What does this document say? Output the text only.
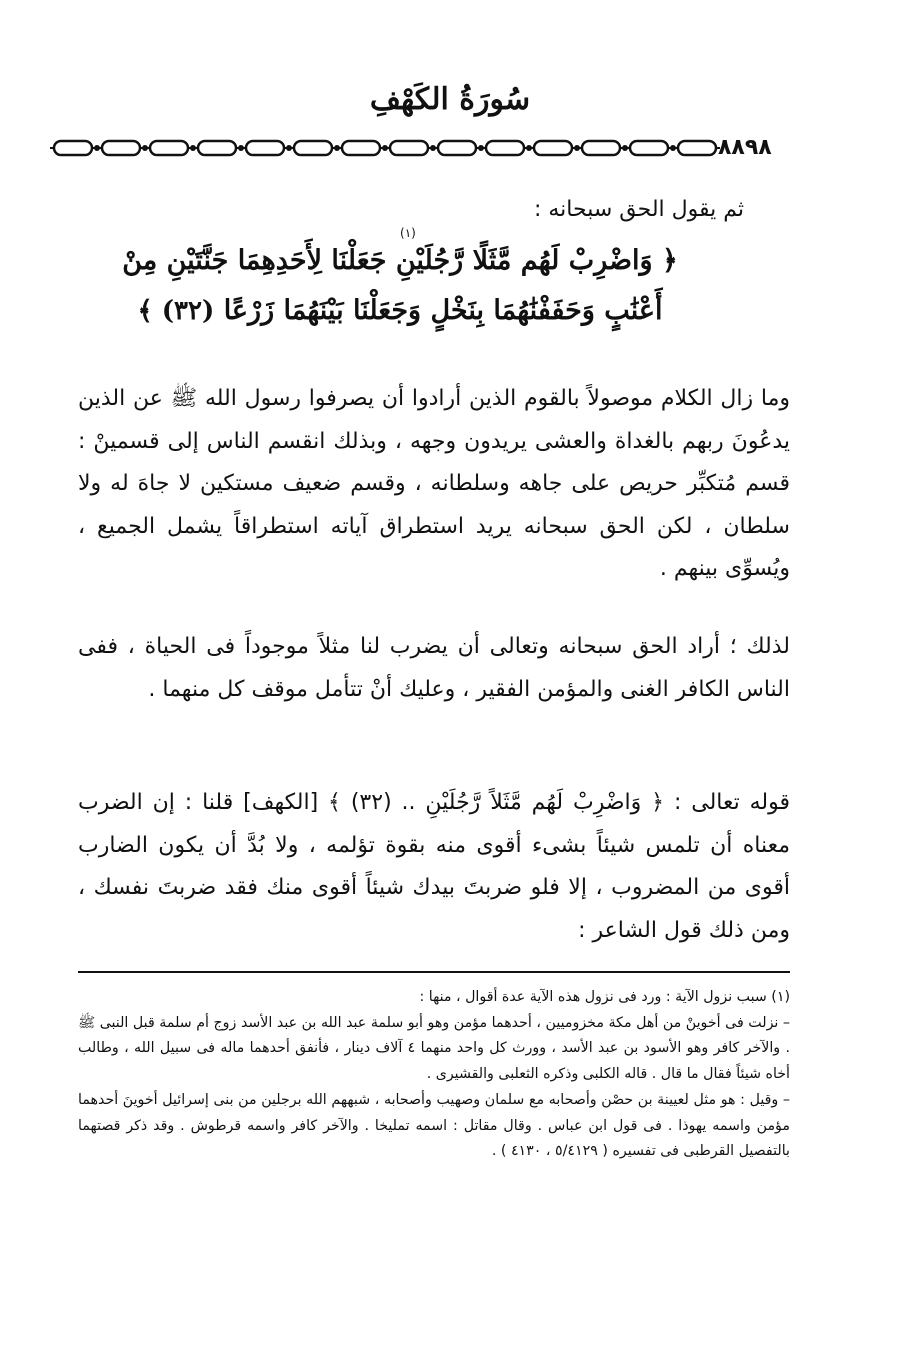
سُورَةُ الكَهْفِ
٨٨٩٨
ثم يقول الحق سبحانه :
(١)
﴿ وَاضْرِبْ لَهُم مَّثَلًا رَّجُلَيْنِ جَعَلْنَا لِأَحَدِهِمَا جَنَّتَيْنِ مِنْ
أَعْنَٰبٍ وَحَفَفْنَٰهُمَا بِنَخْلٍ وَجَعَلْنَا بَيْنَهُمَا زَرْعًا (٣٢) ﴾
وما زال الكلام موصولاً بالقوم الذين أرادوا أن يصرفوا رسول الله ﷺ عن الذين يدعُونَ ربهم بالغداة والعشى يريدون وجهه ، وبذلك انقسم الناس إلى قسمينْ : قسم مُتكبِّر حريص على جاهه وسلطانه ، وقسم ضعيف مستكين لا جاهَ له ولا سلطان ، لكن الحق سبحانه يريد استطراق آياته استطراقاً يشمل الجميع ، ويُسوِّى بينهم .
لذلك ؛ أراد الحق سبحانه وتعالى أن يضرب لنا مثلاً موجوداً فى الحياة ، ففى الناس الكافر الغنى والمؤمن الفقير ، وعليك أنْ تتأمل موقف كل منهما .
قوله تعالى : ﴿ وَاضْرِبْ لَهُم مَّثَلاً رَّجُلَيْنِ .. (٣٢) ﴾ [الكهف] قلنا : إن الضرب معناه أن تلمس شيئاً بشىء أقوى منه بقوة تؤلمه ، ولا بُدَّ أن يكون الضارب أقوى من المضروب ، إلا فلو ضربتَ بيدك شيئاً أقوى منك فقد ضربتَ نفسك ، ومن ذلك قول الشاعر :

(١) سبب نزول الآية : ورد فى نزول هذه الآية عدة أقوال ، منها :

– نزلت فى أخوينْ من أهل مكة مخزوميين ، أحدهما مؤمن وهو أبو سلمة عبد الله بن عبد الأسد زوج أم سلمة قبل النبى ﷺ . والآخر كافر وهو الأسود بن عبد الأسد ، وورث كل واحد منهما ٤ آلاف دينار ، فأنفق أحدهما ماله فى سبيل الله ، وطالب أخاه شيئاً فقال ما قال . قاله الكلبى وذكره الثعلبى والقشيرى .

– وقيل : هو مثل لعيينة بن حصْن وأصحابه مع سلمان وصهيب وأصحابه ، شبههم الله برجلين من بنى إسرائيل أخوينَ أحدهما مؤمن واسمه يهوذا . فى قول ابن عباس . وقال مقاتل : اسمه تمليخا . والآخر كافر واسمه قرطوش . وقد ذكر قصتهما بالتفصيل القرطبى فى تفسيره ( ٥/٤١٢٩ ، ٤١٣٠ ) .
